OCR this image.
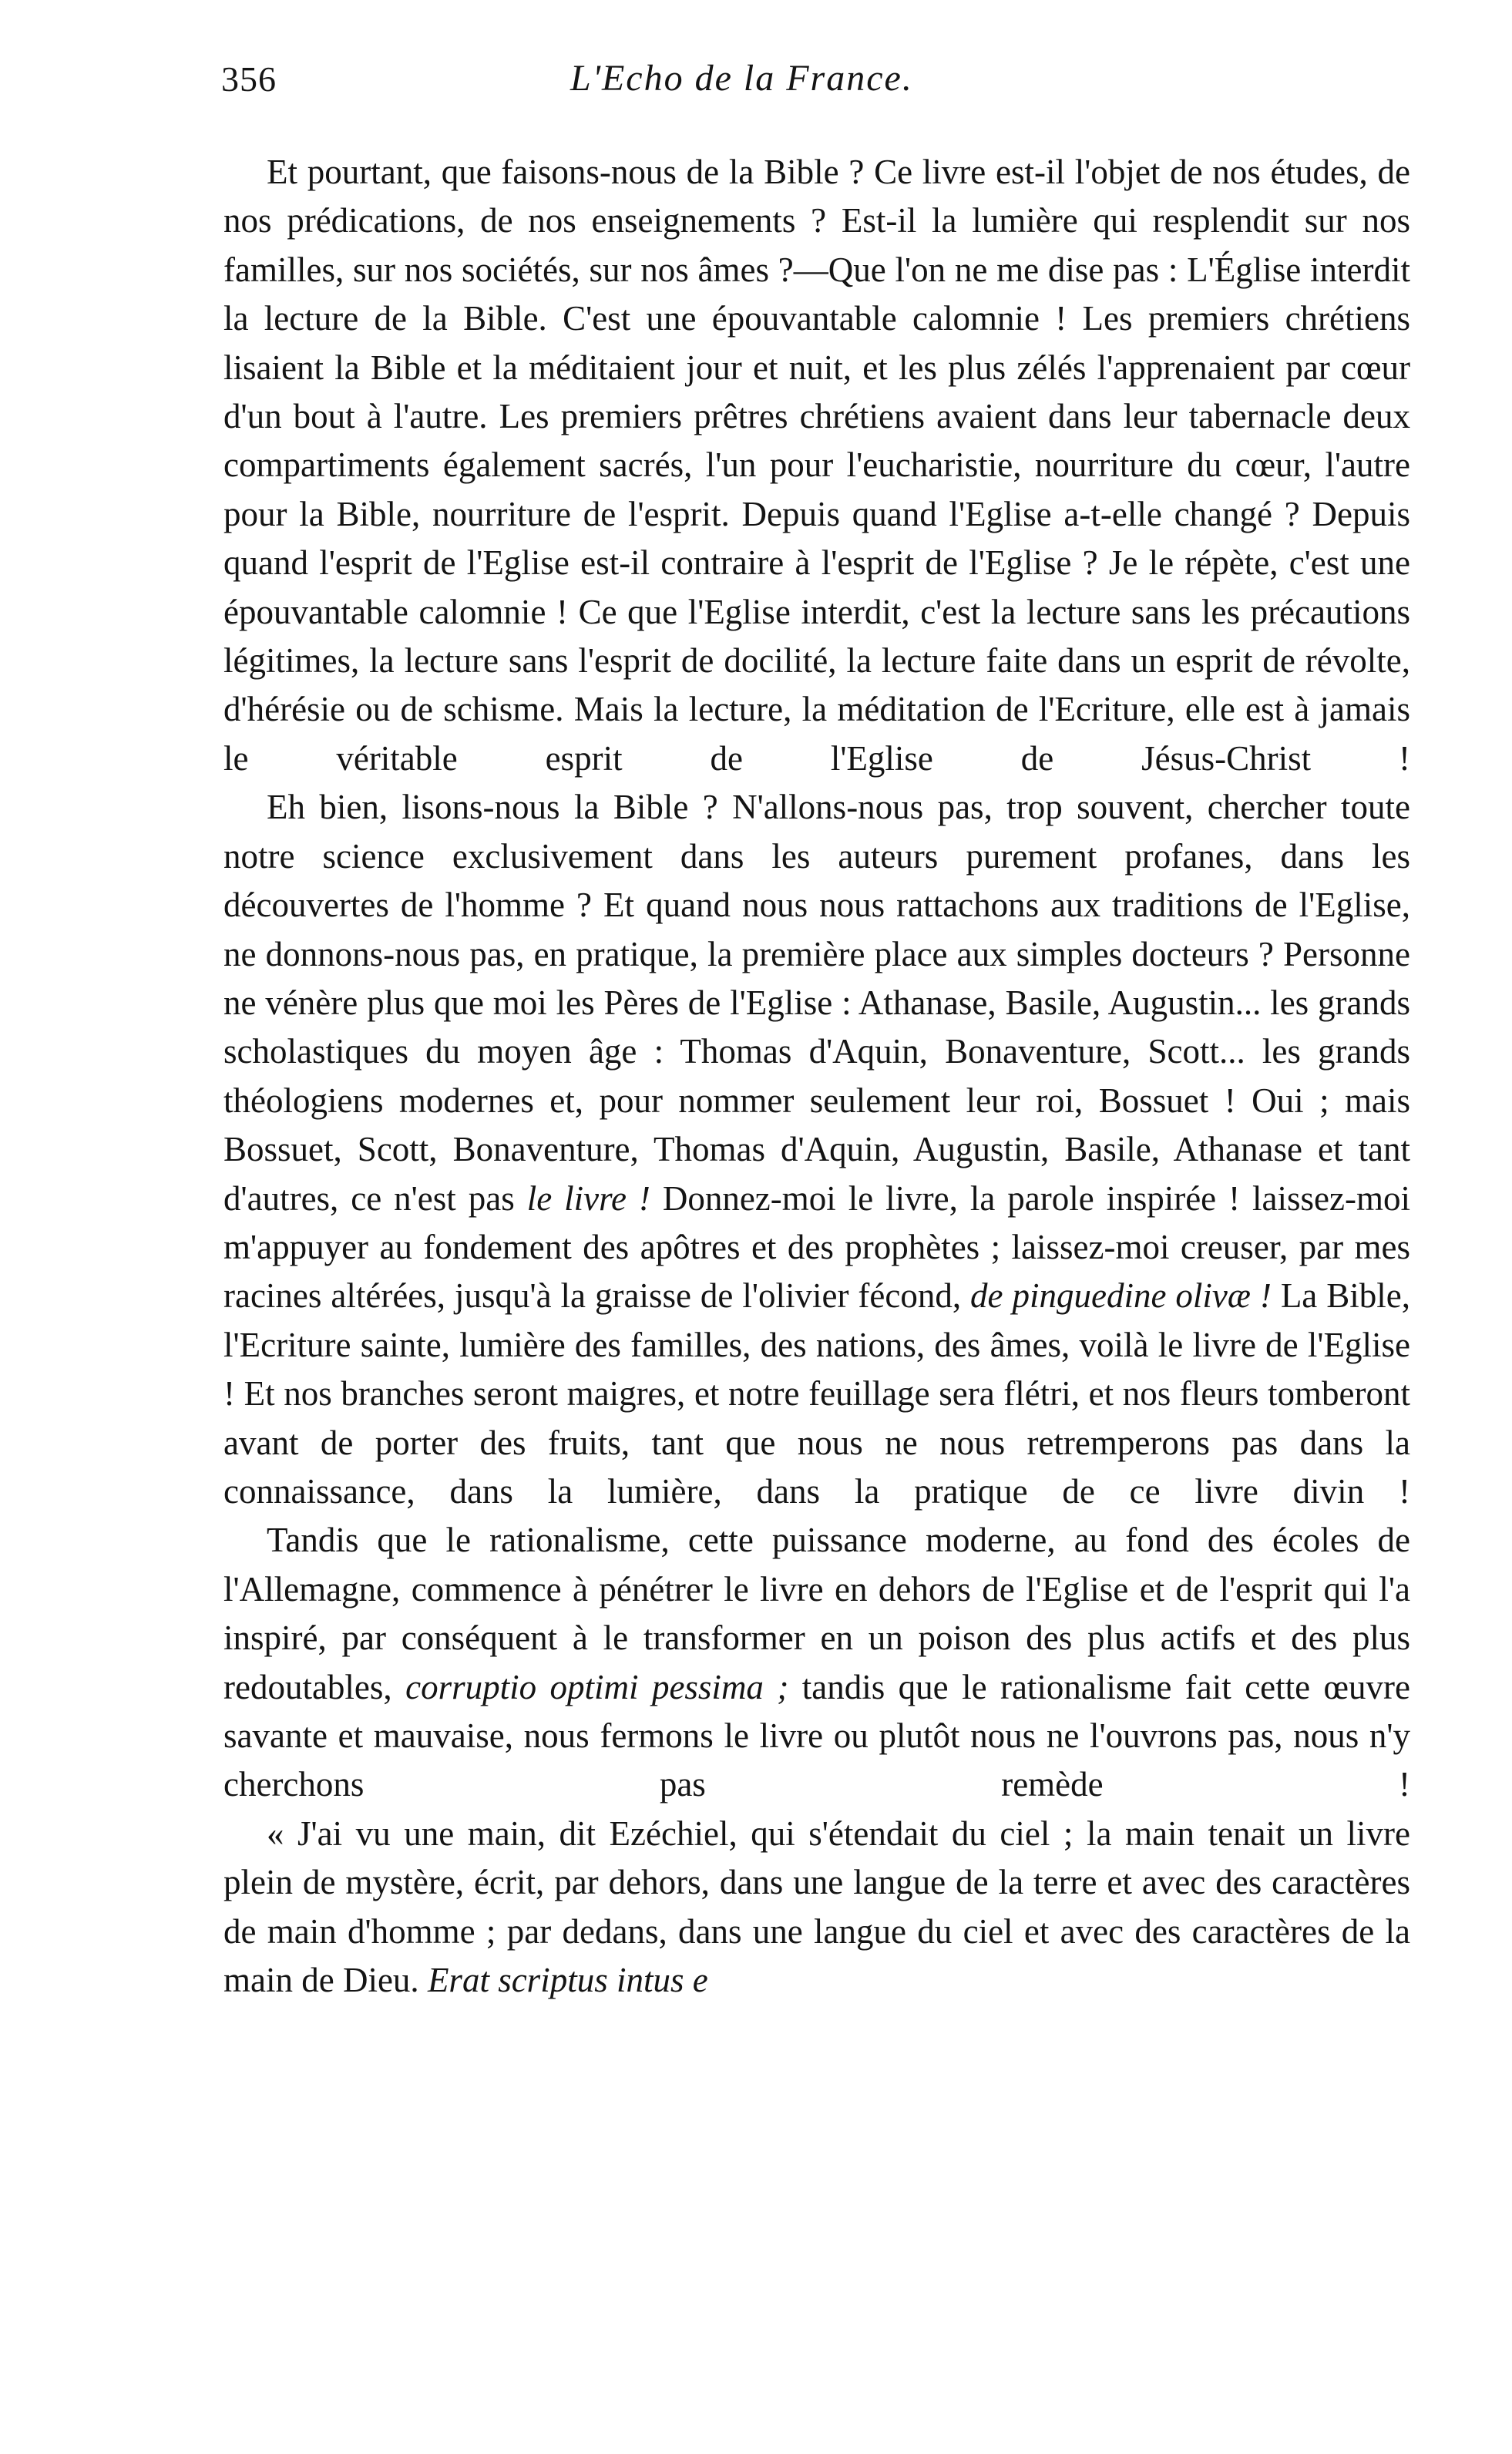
356	L'Echo de la France.

Et pourtant, que faisons-nous de la Bible ? Ce livre est-il l'objet de nos études, de nos prédications, de nos enseignements ? Est-il la lumière qui resplendit sur nos familles, sur nos sociétés, sur nos âmes ?—Que l'on ne me dise pas : L'Église interdit la lecture de la Bible. C'est une épouvantable calomnie ! Les premiers chrétiens lisaient la Bible et la méditaient jour et nuit, et les plus zélés l'apprenaient par cœur d'un bout à l'autre. Les premiers prêtres chrétiens avaient dans leur tabernacle deux compartiments également sacrés, l'un pour l'eucharistie, nourriture du cœur, l'autre pour la Bible, nourriture de l'esprit. Depuis quand l'Eglise a-t-elle changé ? Depuis quand l'esprit de l'Eglise est-il contraire à l'esprit de l'Eglise ? Je le répète, c'est une épouvantable calomnie ! Ce que l'Eglise interdit, c'est la lecture sans les précautions légitimes, la lecture sans l'esprit de docilité, la lecture faite dans un esprit de révolte, d'hérésie ou de schisme. Mais la lecture, la méditation de l'Ecriture, elle est à jamais le véritable esprit de l'Eglise de Jésus-Christ !

Eh bien, lisons-nous la Bible ? N'allons-nous pas, trop souvent, chercher toute notre science exclusivement dans les auteurs purement profanes, dans les découvertes de l'homme ? Et quand nous nous rattachons aux traditions de l'Eglise, ne donnons-nous pas, en pratique, la première place aux simples docteurs ? Personne ne vénère plus que moi les Pères de l'Eglise : Athanase, Basile, Augustin... les grands scholastiques du moyen âge : Thomas d'Aquin, Bonaventure, Scott... les grands théologiens modernes et, pour nommer seulement leur roi, Bossuet ! Oui ; mais Bossuet, Scott, Bonaventure, Thomas d'Aquin, Augustin, Basile, Athanase et tant d'autres, ce n'est pas le livre ! Donnez-moi le livre, la parole inspirée ! laissez-moi m'appuyer au fondement des apôtres et des prophètes ; laissez-moi creuser, par mes racines altérées, jusqu'à la graisse de l'olivier fécond, de pinguedine olivæ ! La Bible, l'Ecriture sainte, lumière des familles, des nations, des âmes, voilà le livre de l'Eglise ! Et nos branches seront maigres, et notre feuillage sera flétri, et nos fleurs tomberont avant de porter des fruits, tant que nous ne nous retremperons pas dans la connaissance, dans la lumière, dans la pratique de ce livre divin !

Tandis que le rationalisme, cette puissance moderne, au fond des écoles de l'Allemagne, commence à pénétrer le livre en dehors de l'Eglise et de l'esprit qui l'a inspiré, par conséquent à le transformer en un poison des plus actifs et des plus redoutables, corruptio optimi pessima ; tandis que le rationalisme fait cette œuvre savante et mauvaise, nous fermons le livre ou plutôt nous ne l'ouvrons pas, nous n'y cherchons pas remède !

« J'ai vu une main, dit Ezéchiel, qui s'étendait du ciel ; la main tenait un livre plein de mystère, écrit, par dehors, dans une langue de la terre et avec des caractères de main d'homme ; par dedans, dans une langue du ciel et avec des caractères de la main de Dieu. Erat scriptus intus e
